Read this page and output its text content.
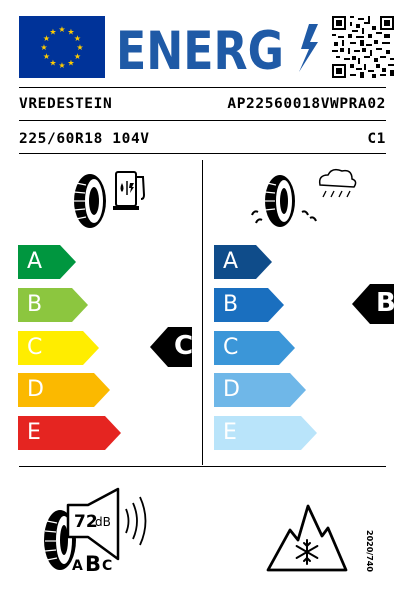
★ ★
★
★
★
★
★
★
★
★
★
★ ENERG
VREDESTEIN	AP22560018VWPRA02
225/60R18 104V	C1
A
B
C
D
E
C
A
B
C
D
E
B
72
dB
A B C	2020/740
